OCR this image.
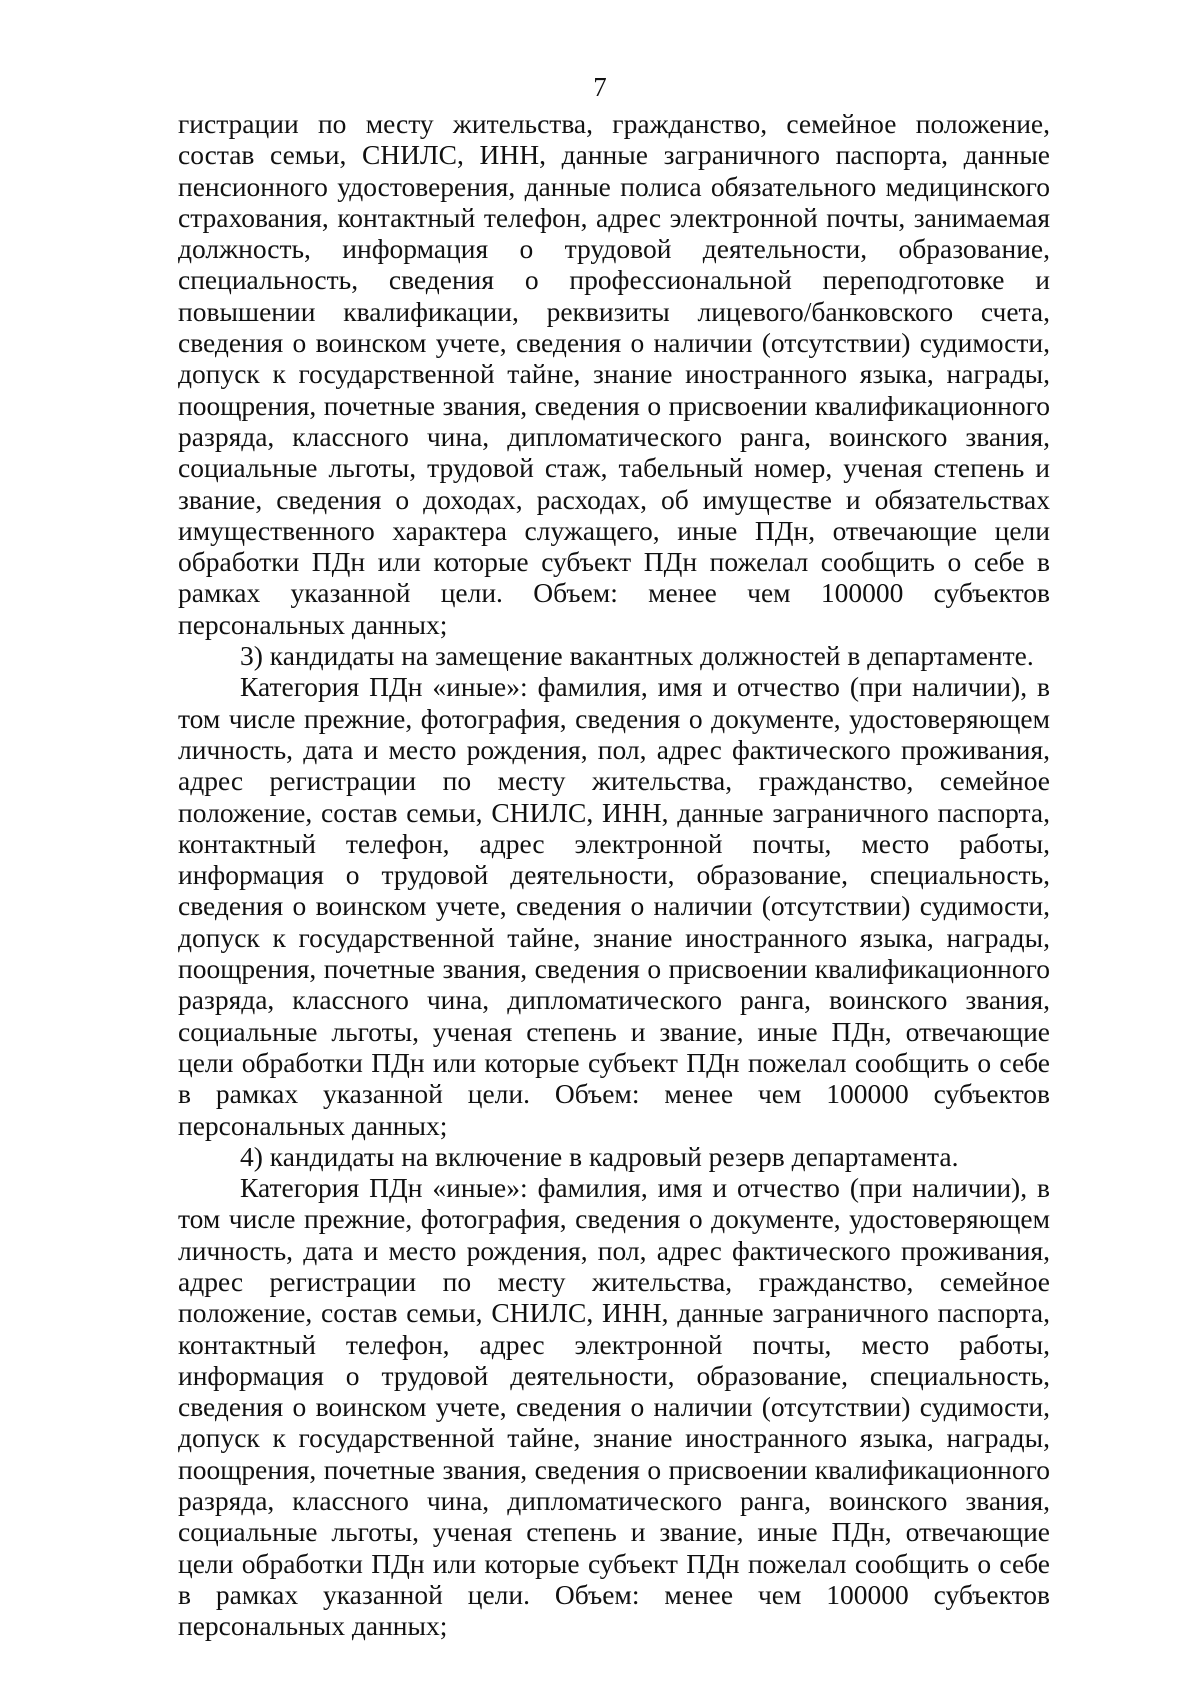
7

гистрации по месту жительства, гражданство, семейное положение, состав семьи, СНИЛС, ИНН, данные заграничного паспорта, данные пенсионного удостоверения, данные полиса обязательного медицинского страхования, контактный телефон, адрес электронной почты, занимаемая должность, информация о трудовой деятельности, образование, специальность, сведения о профессиональной переподготовке и повышении квалификации, реквизиты лицевого/банковского счета, сведения о воинском учете, сведения о наличии (отсутствии) судимости, допуск к государственной тайне, знание иностранного языка, награды, поощрения, почетные звания, сведения о присвоении квалификационного разряда, классного чина, дипломатического ранга, воинского звания, социальные льготы, трудовой стаж, табельный номер, ученая степень и звание, сведения о доходах, расходах, об имуществе и обязательствах имущественного характера служащего, иные ПДн, отвечающие цели обработки ПДн или которые субъект ПДн пожелал сообщить о себе в рамках указанной цели. Объем: менее чем 100000 субъектов персональных данных;

3) кандидаты на замещение вакантных должностей в департаменте.

Категория ПДн «иные»: фамилия, имя и отчество (при наличии), в том числе прежние, фотография, сведения о документе, удостоверяющем личность, дата и место рождения, пол, адрес фактического проживания, адрес регистрации по месту жительства, гражданство, семейное положение, состав семьи, СНИЛС, ИНН, данные заграничного паспорта, контактный телефон, адрес электронной почты, место работы, информация о трудовой деятельности, образование, специальность, сведения о воинском учете, сведения о наличии (отсутствии) судимости, допуск к государственной тайне, знание иностранного языка, награды, поощрения, почетные звания, сведения о присвоении квалификационного разряда, классного чина, дипломатического ранга, воинского звания, социальные льготы, ученая степень и звание, иные ПДн, отвечающие цели обработки ПДн или которые субъект ПДн пожелал сообщить о себе в рамках указанной цели. Объем: менее чем 100000 субъектов персональных данных;

4) кандидаты на включение в кадровый резерв департамента.

Категория ПДн «иные»: фамилия, имя и отчество (при наличии), в том числе прежние, фотография, сведения о документе, удостоверяющем личность, дата и место рождения, пол, адрес фактического проживания, адрес регистрации по месту жительства, гражданство, семейное положение, состав семьи, СНИЛС, ИНН, данные заграничного паспорта, контактный телефон, адрес электронной почты, место работы, информация о трудовой деятельности, образование, специальность, сведения о воинском учете, сведения о наличии (отсутствии) судимости, допуск к государственной тайне, знание иностранного языка, награды, поощрения, почетные звания, сведения о присвоении квалификационного разряда, классного чина, дипломатического ранга, воинского звания, социальные льготы, ученая степень и звание, иные ПДн, отвечающие цели обработки ПДн или которые субъект ПДн пожелал сообщить о себе в рамках указанной цели. Объем: менее чем 100000 субъектов персональных данных;
